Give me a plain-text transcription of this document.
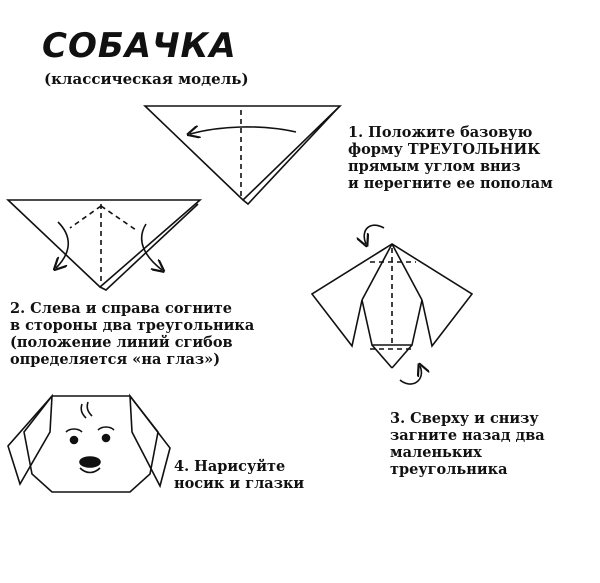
СОБАЧКА
(классическая модель)
1. Положите базовую
форму ТРЕУГОЛЬНИК
прямым углом вниз
и перегните ее пополам
2. Слева и справа согните
в стороны два треугольника
(положение линий сгибов
определяется «на глаз»)
3. Сверху и снизу
загните назад два
маленьких
треугольника
4. Нарисуйте
носик и глазки
